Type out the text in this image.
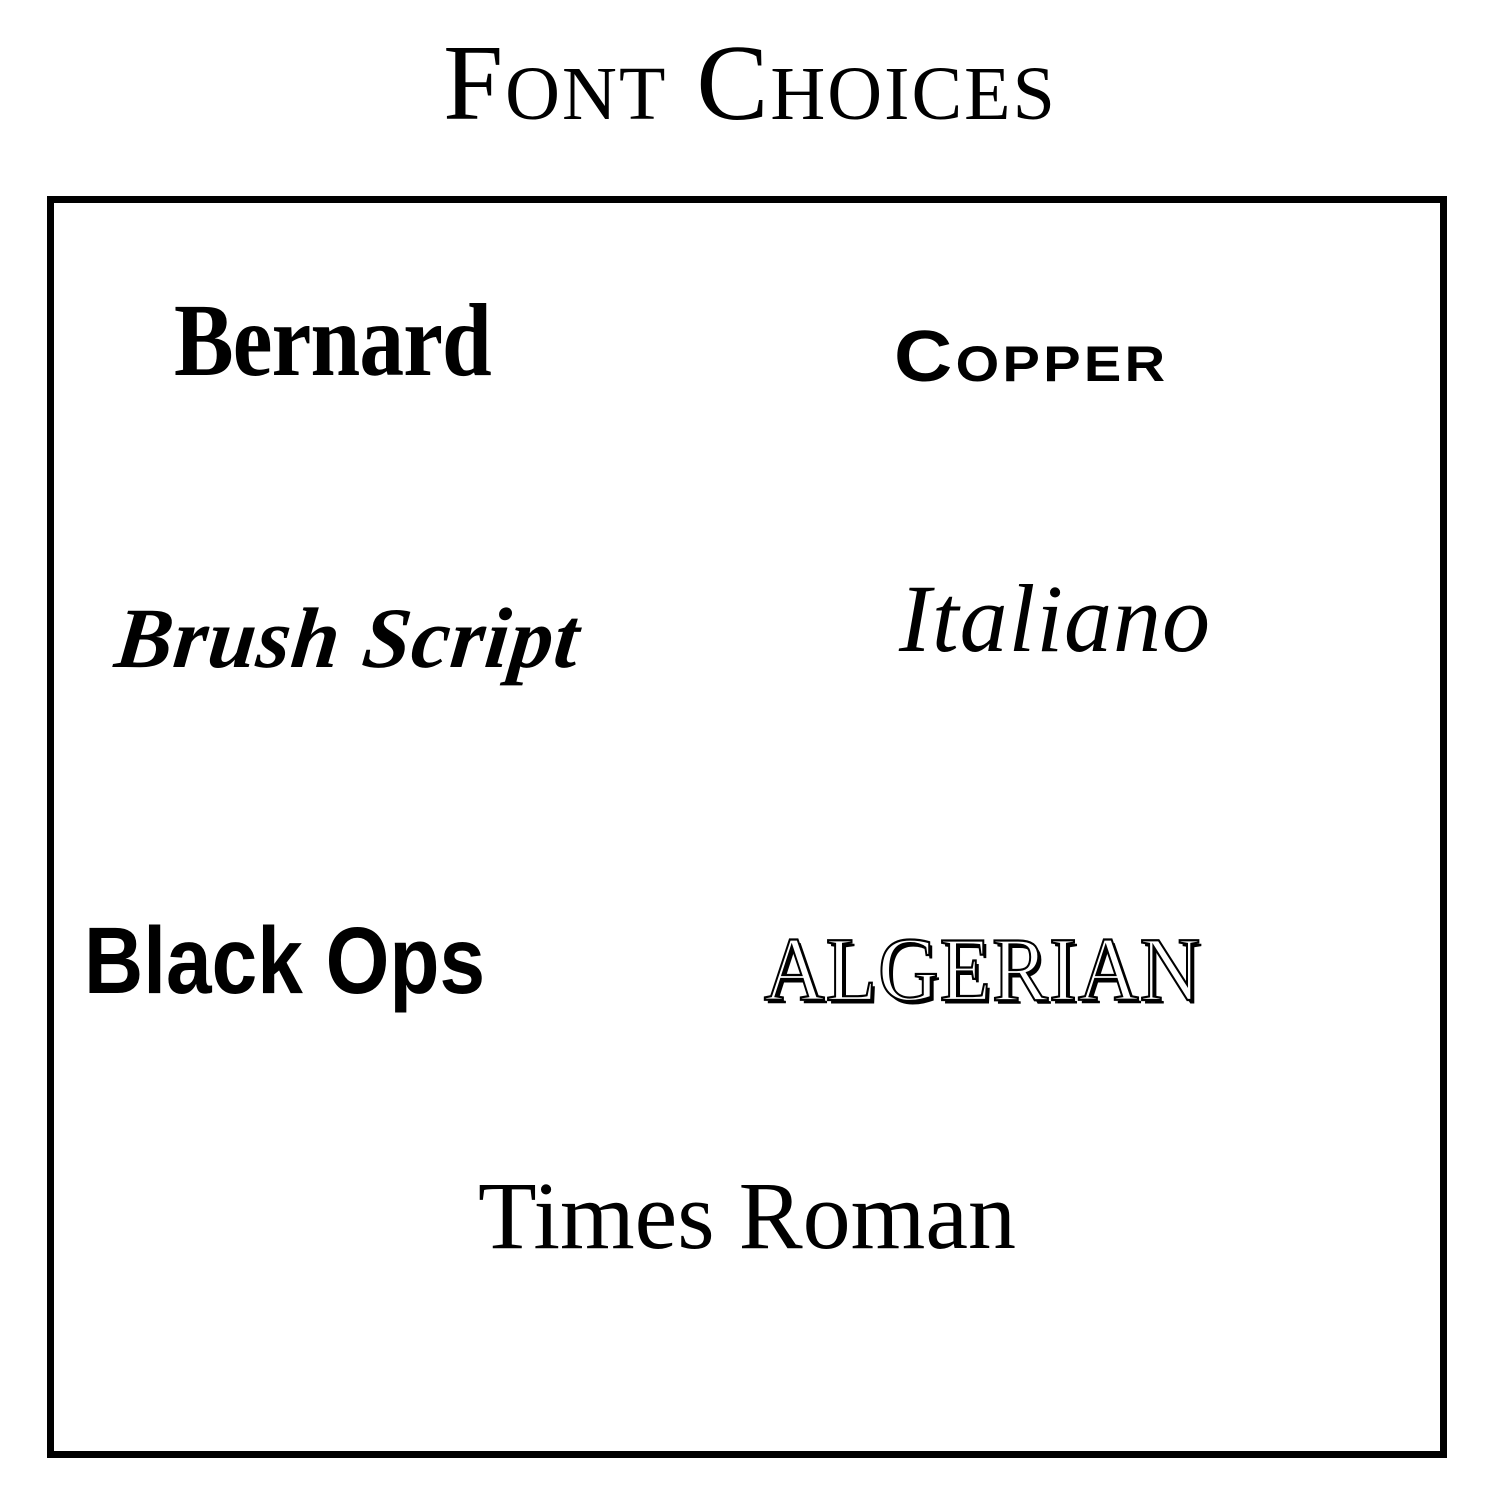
Font Choices
Bernard	Copper
Brush Script	Italiano
Black Ops	ALGERIAN
Times Roman
